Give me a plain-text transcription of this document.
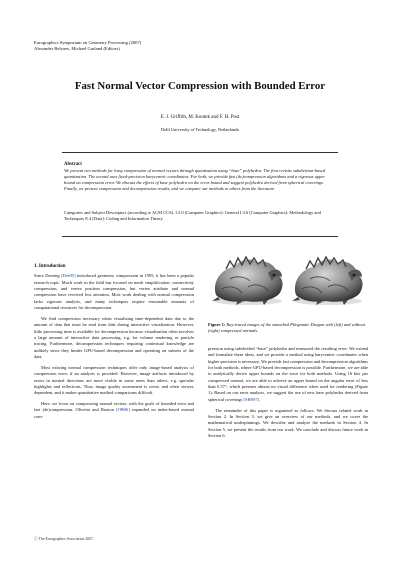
Eurographics Symposium on Geometry Processing (2007)
Alexander Belyaev, Michael Garland (Editors)
Fast Normal Vector Compression with Bounded Error
E. J. Griffith, M. Koutek and F. H. Post
Delft University of Technology, Netherlands
Abstract
We present two methods for lossy compression of normal vectors through quantization using “base” polyhedra. The first revisits subdivision-based quantization. The second uses fixed-precision barycentric coordinates. For both, we provide fast (de)compression algorithms and a rigorous upper bound on compression error. We discuss the effects of base polyhedra on the error bound and suggest polyhedra derived from spherical coverings. Finally, we present compression and decompression results, and we compare our methods to others from the literature.
Categories and Subject Descriptors (according to ACM CCS): I.3.0 [Computer Graphics]: General I.3.6 [Computer Graphics]: Methodology and Techniques E.4 [Data]: Coding and Information Theory
1. Introduction

Since Deering [Dee95] introduced geometry compression in 1995, it has been a popular research topic. Much work in the field has focused on mesh simplification, connectivity compression, and vertex position compression, but vertex attribute and normal compression have received less attention. Most work dealing with normal compression lacks rigorous analysis, and many techniques require reasonable amounts of computational resources for decompression.

We find compression necessary when visualizing time-dependent data due to the amount of data that must be read from disk during interactive visualization. However, little processing time is available for decompression because visualization often involves a large amount of interactive data processing, e.g. for volume rendering or particle tracing. Furthermore, decompression techniques requiring contextual knowledge are unlikely since they hinder GPU-based decompression and operating on subsets of the data.

Most existing normal compression techniques offer only image-based analysis of compression error, if an analysis is provided. However, image artifacts introduced by errors in normal directions are more visible in some areas than others, e.g. specular highlights and reflections. Thus, image quality assessment is scene, and often viewer, dependent, and it makes quantitative method comparisons difficult.

Here, we focus on compressing normal vectors, with the goals of bounded error and fast (de)compression. Oliveira and Buxton [OB06] expanded on index-based normal com-

Figure 1: Ray-traced images of the smoothed Pilegmatic Dragon with (left) and without (right) compressed normals.

pression using subdivided “base” polyhedra and measured the resulting error. We extend and formalize these ideas, and we provide a method using barycentric coordinates when higher precision is necessary. We provide fast compression and decompression algorithms for both methods, where GPU-based decompression is possible. Furthermore, we are able to analytically derive upper bounds on the error for both methods. Using 16 bits per compressed normal, we are able to achieve an upper bound on the angular error of less than 0.57°, which presents almost no visual difference when used for rendering (Figure 1). Based on our error analysis, we suggest the use of new base polyhedra derived from spherical coverings [SHS97].

The remainder of this paper is organized as follows. We discuss related work in Section 2. In Section 3, we give an overview of our methods, and we cover the mathematical underpinnings. We describe and analyze the methods in Section 4. In Section 5, we present the results from our work. We conclude and discuss future work in Section 6.

ⓒ The Eurographics Association 2007.
